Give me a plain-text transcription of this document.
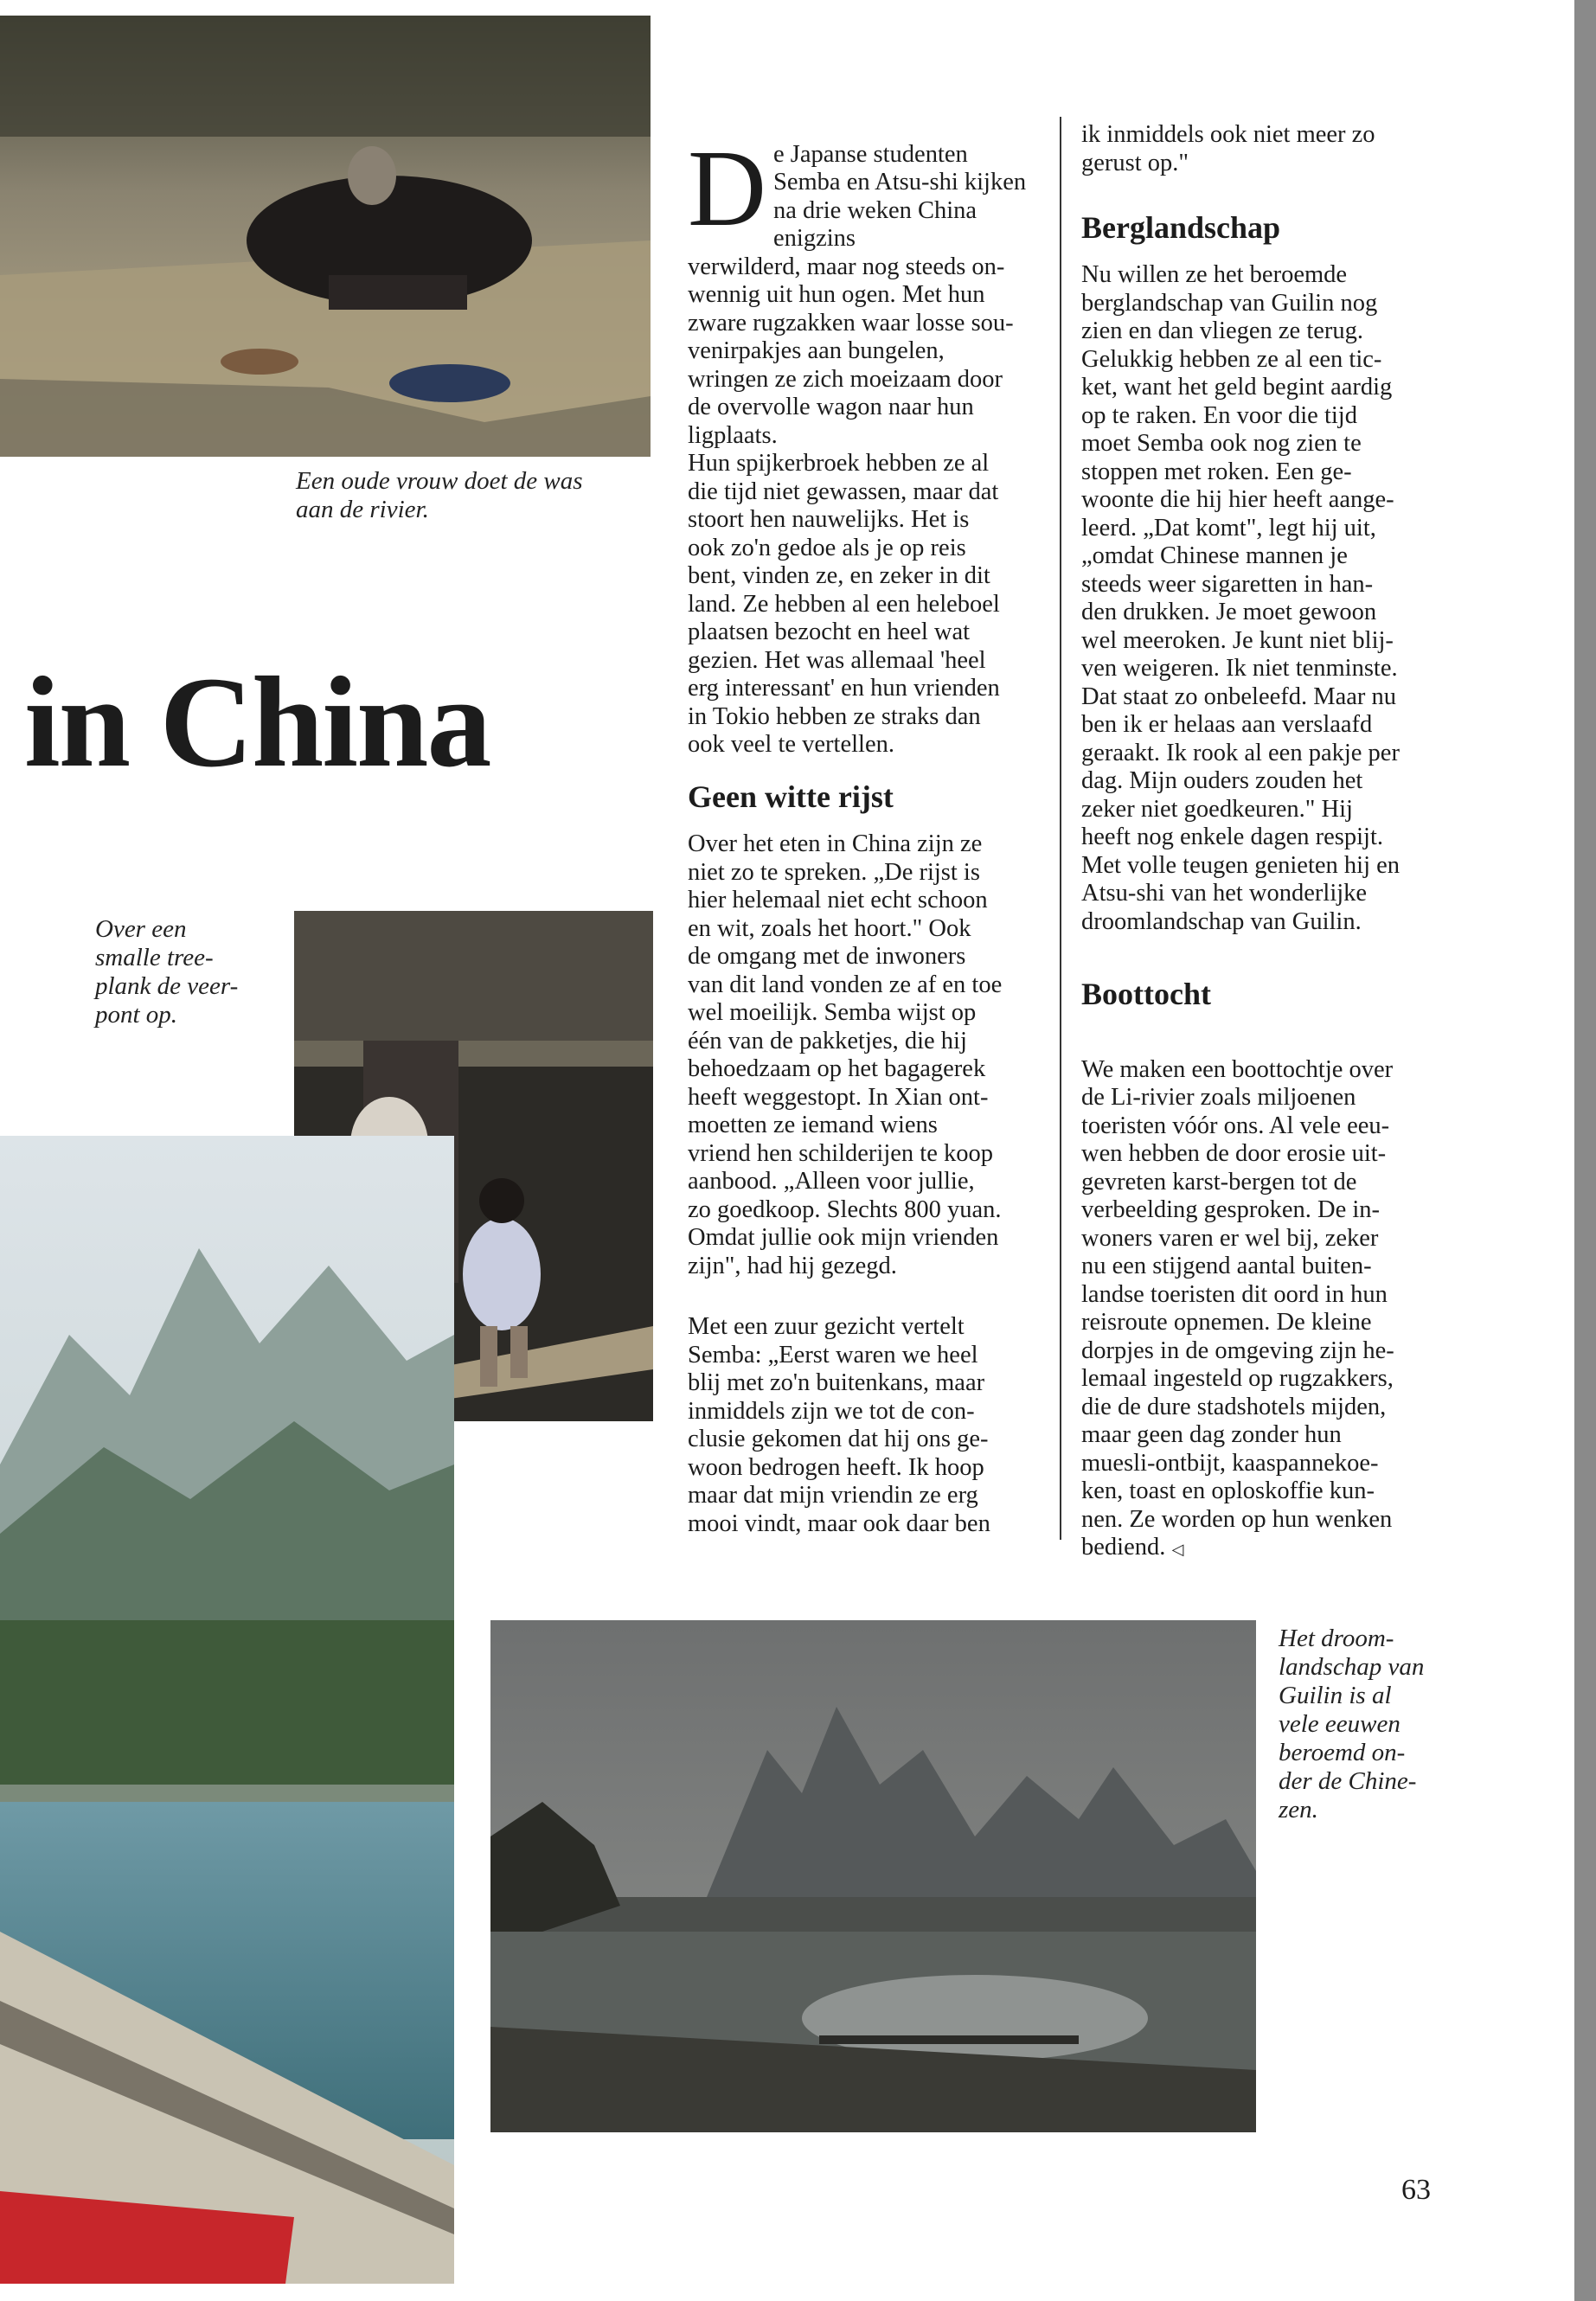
Een oude vrouw doet de was
aan de rivier.
in China
Over een
smalle tree-
plank de veer-
pont op.

De Japanse studenten
Semba en Atsu-shi kijken
na drie weken China enigzins
verwilderd, maar nog steeds on-
wennig uit hun ogen. Met hun
zware rugzakken waar losse sou-
venirpakjes aan bungelen,
wringen ze zich moeizaam door
de overvolle wagon naar hun
ligplaats.
Hun spijkerbroek hebben ze al
die tijd niet gewassen, maar dat
stoort hen nauwelijks. Het is
ook zo'n gedoe als je op reis
bent, vinden ze, en zeker in dit
land. Ze hebben al een heleboel
plaatsen bezocht en heel wat
gezien. Het was allemaal 'heel
erg interessant' en hun vrienden
in Tokio hebben ze straks dan
ook veel te vertellen.

Geen witte rijst
Over het eten in China zijn ze
niet zo te spreken. „De rijst is
hier helemaal niet echt schoon
en wit, zoals het hoort." Ook
de omgang met de inwoners
van dit land vonden ze af en toe
wel moeilijk. Semba wijst op
één van de pakketjes, die hij
behoedzaam op het bagagerek
heeft weggestopt. In Xian ont-
moetten ze iemand wiens
vriend hen schilderijen te koop
aanbood. „Alleen voor jullie,
zo goedkoop. Slechts 800 yuan.
Omdat jullie ook mijn vrienden
zijn", had hij gezegd.
Met een zuur gezicht vertelt
Semba: „Eerst waren we heel
blij met zo'n buitenkans, maar
inmiddels zijn we tot de con-
clusie gekomen dat hij ons ge-
woon bedrogen heeft. Ik hoop
maar dat mijn vriendin ze erg
mooi vindt, maar ook daar ben
ik inmiddels ook niet meer zo
gerust op."
Berglandschap
Nu willen ze het beroemde
berglandschap van Guilin nog
zien en dan vliegen ze terug.
Gelukkig hebben ze al een tic-
ket, want het geld begint aardig
op te raken. En voor die tijd
moet Semba ook nog zien te
stoppen met roken. Een ge-
woonte die hij hier heeft aange-
leerd. „Dat komt", legt hij uit,
„omdat Chinese mannen je
steeds weer sigaretten in han-
den drukken. Je moet gewoon
wel meeroken. Je kunt niet blij-
ven weigeren. Ik niet tenminste.
Dat staat zo onbeleefd. Maar nu
ben ik er helaas aan verslaafd
geraakt. Ik rook al een pakje per
dag. Mijn ouders zouden het
zeker niet goedkeuren." Hij
heeft nog enkele dagen respijt.
Met volle teugen genieten hij en
Atsu-shi van het wonderlijke
droomlandschap van Guilin.
Boottocht

We maken een boottochtje over
de Li-rivier zoals miljoenen
toeristen vóór ons. Al vele eeu-
wen hebben de door erosie uit-
gevreten karst-bergen tot de
verbeelding gesproken. De in-
woners varen er wel bij, zeker
nu een stijgend aantal buiten-
landse toeristen dit oord in hun
reisroute opnemen. De kleine
dorpjes in de omgeving zijn he-
lemaal ingesteld op rugzakkers,
die de dure stadshotels mijden,
maar geen dag zonder hun
muesli-ontbijt, kaaspannekoe-
ken, toast en oploskoffie kun-
nen. Ze worden op hun wenken
bediend. ◁

Het droom-
landschap van
Guilin is al
vele eeuwen
beroemd on-
der de Chine-
zen.
63
